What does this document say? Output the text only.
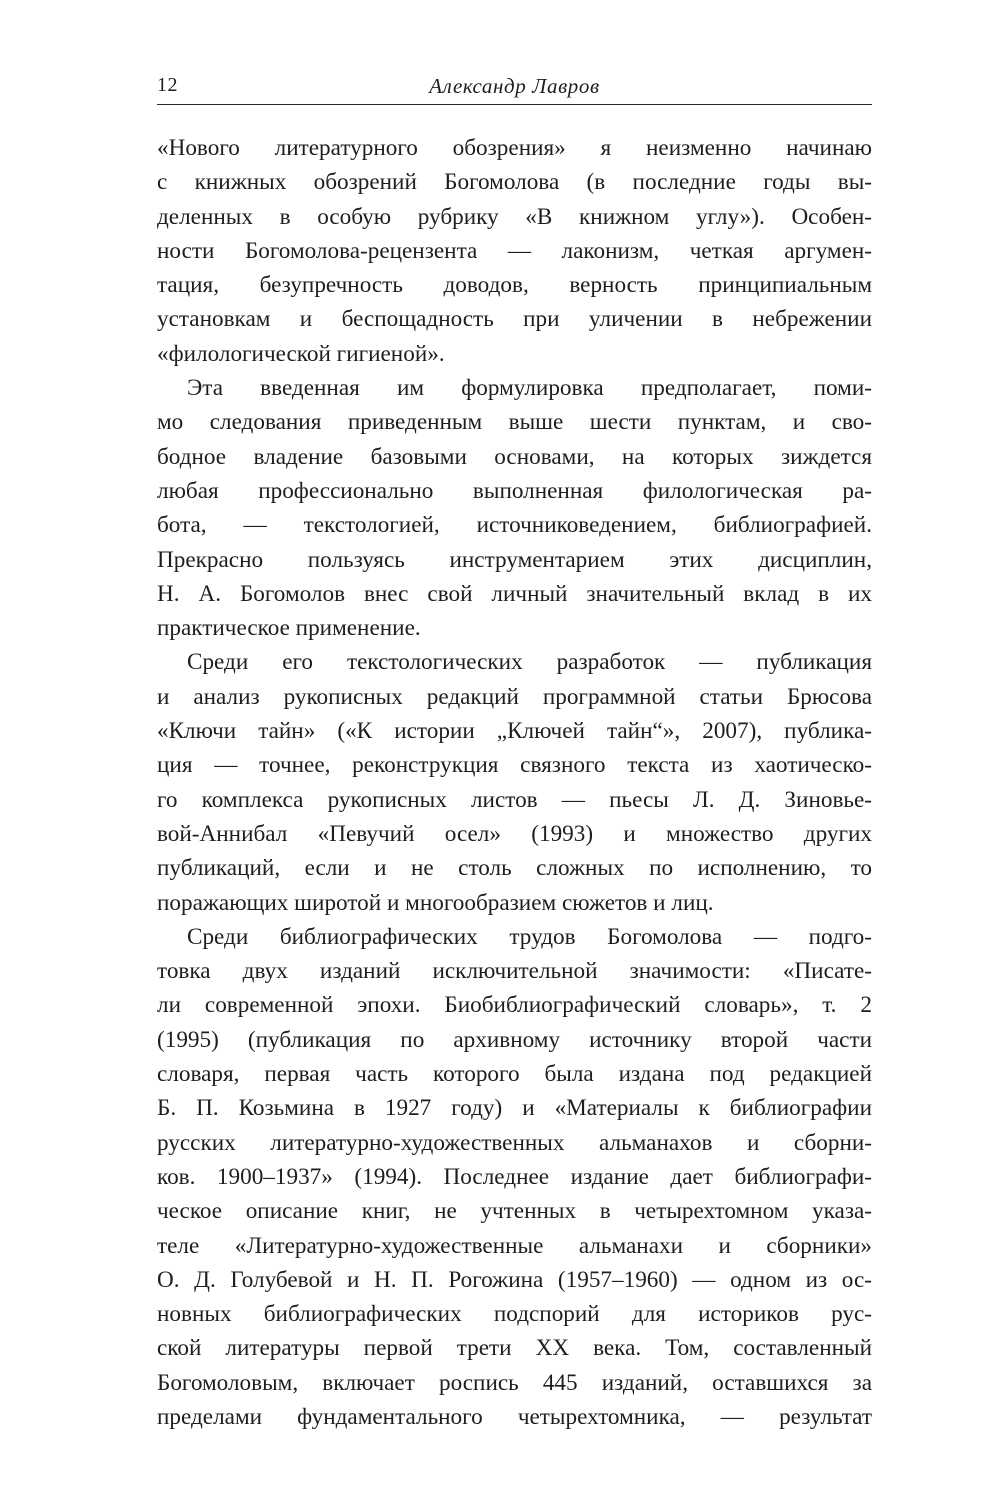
12	Александр Лавров
«Нового литературного обозрения» я неизменно начинаю
с книжных обозрений Богомолова (в последние годы вы-
деленных в особую рубрику «В книжном углу»). Особен-
ности Богомолова-рецензента — лаконизм, четкая аргумен-
тация, безупречность доводов, верность принципиальным
установкам и беспощадность при уличении в небрежении
«филологической гигиеной».
Эта введенная им формулировка предполагает, поми-
мо следования приведенным выше шести пунктам, и сво-
бодное владение базовыми основами, на которых зиждется
любая профессионально выполненная филологическая ра-
бота, — текстологией, источниковедением, библиографией.
Прекрасно пользуясь инструментарием этих дисциплин,
Н. А. Богомолов внес свой личный значительный вклад в их
практическое применение.
Среди его текстологических разработок — публикация
и анализ рукописных редакций программной статьи Брюсова
«Ключи тайн» («К истории „Ключей тайн“», 2007), публика-
ция — точнее, реконструкция связного текста из хаотическо-
го комплекса рукописных листов — пьесы Л. Д. Зиновье-
вой-Аннибал «Певучий осел» (1993) и множество других
публикаций, если и не столь сложных по исполнению, то
поражающих широтой и многообразием сюжетов и лиц.
Среди библиографических трудов Богомолова — подго-
товка двух изданий исключительной значимости: «Писате-
ли современной эпохи. Биобиблиографический словарь», т. 2
(1995) (публикация по архивному источнику второй части
словаря, первая часть которого была издана под редакцией
Б. П. Козьмина в 1927 году) и «Материалы к библиографии
русских литературно-художественных альманахов и сборни-
ков. 1900–1937» (1994). Последнее издание дает библиографи-
ческое описание книг, не учтенных в четырехтомном указа-
теле «Литературно-художественные альманахи и сборники»
О. Д. Голубевой и Н. П. Рогожина (1957–1960) — одном из ос-
новных библиографических подспорий для историков рус-
ской литературы первой трети XX века. Том, составленный
Богомоловым, включает роспись 445 изданий, оставшихся за
пределами фундаментального четырехтомника, — результат
